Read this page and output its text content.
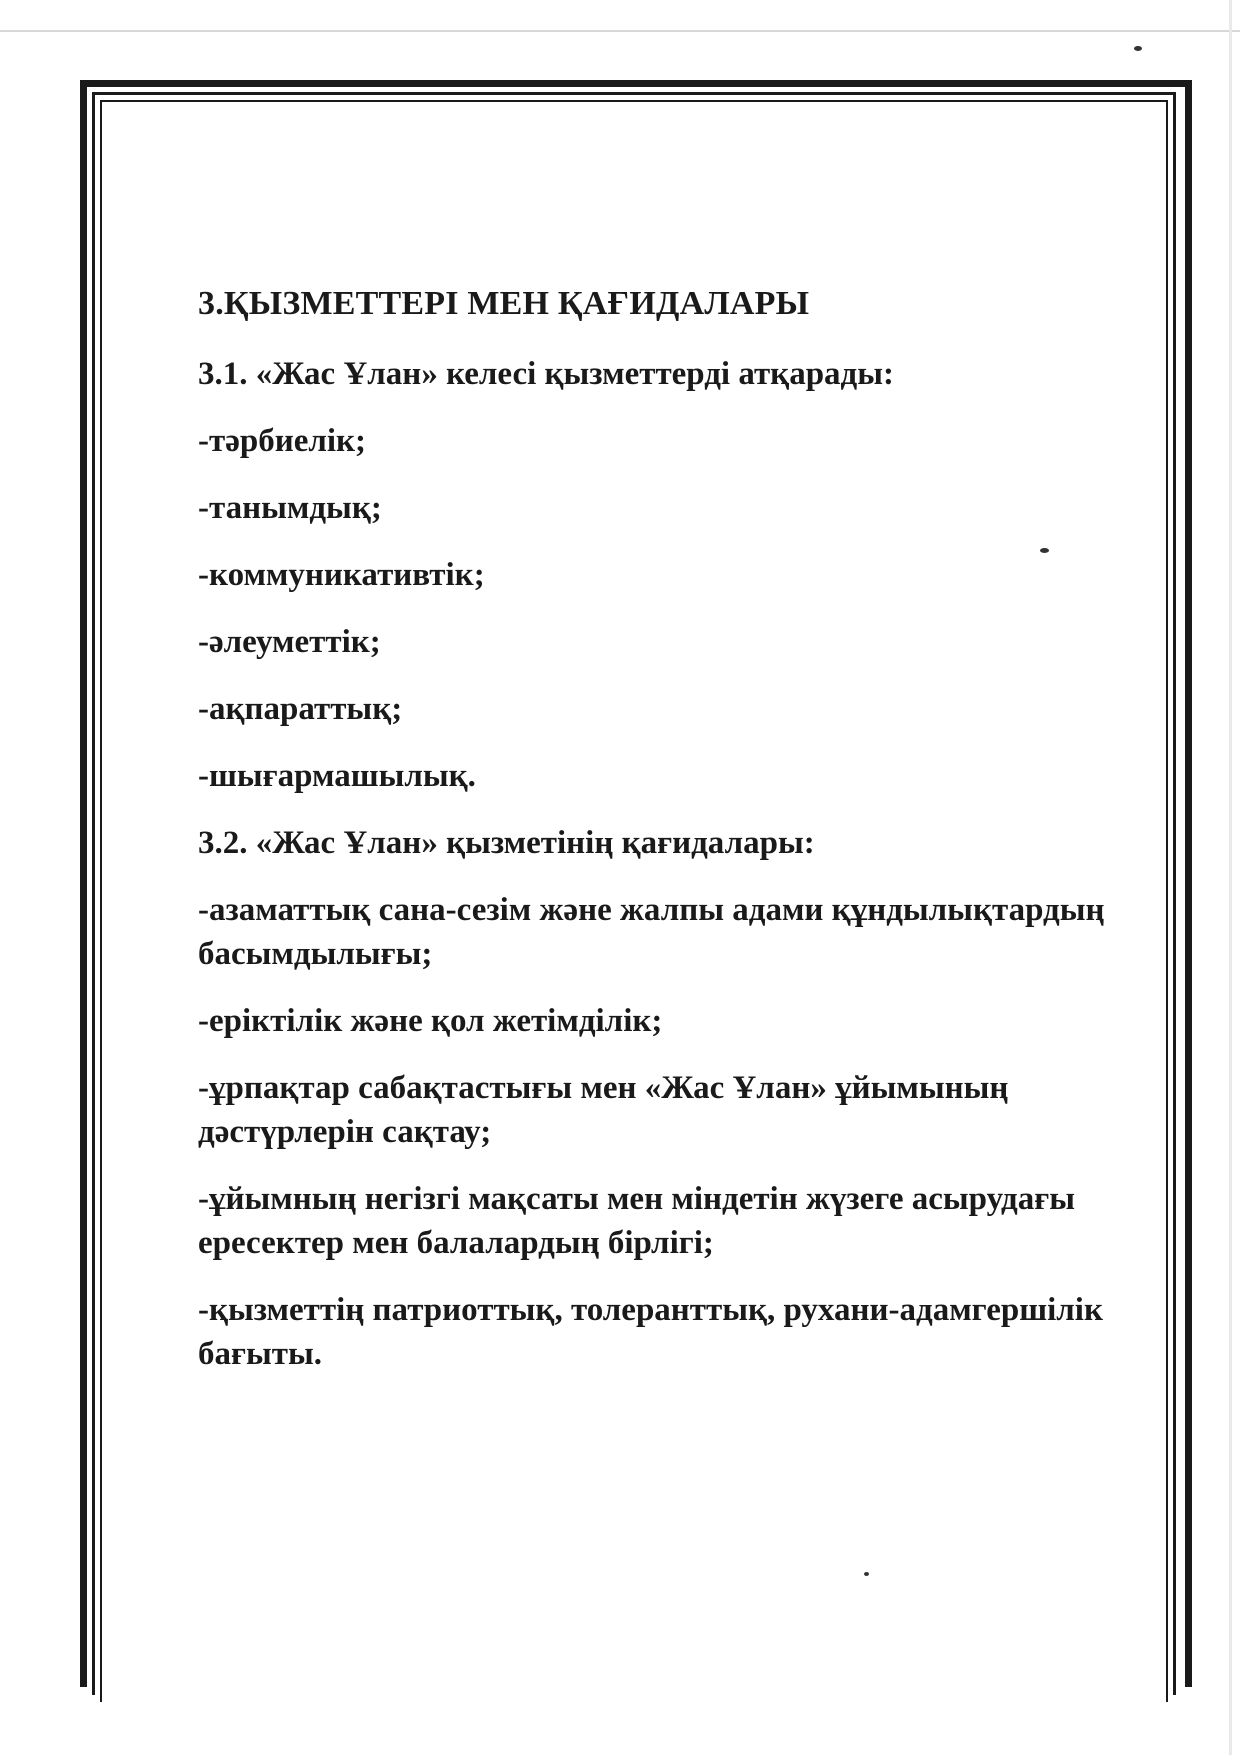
3.ҚЫЗМЕТТЕРІ МЕН ҚАҒИДАЛАРЫ
3.1. «Жас Ұлан» келесі қызметтерді атқарады:
-тәрбиелік;
-танымдық;
-коммуникативтік;
-әлеуметтік;
-ақпараттық;
-шығармашылық.
3.2. «Жас Ұлан» қызметінің қағидалары:
-азаматтық сана-сезім және жалпы адами құндылықтардың басымдылығы;
-еріктілік және қол жетімділік;
-ұрпақтар сабақтастығы мен «Жас Ұлан» ұйымының дәстүрлерін сақтау;
-ұйымның негізгі мақсаты мен міндетін жүзеге асырудағы ересектер мен балалардың бірлігі;
-қызметтің патриоттық, толеранттық, рухани-адамгершілік бағыты.
